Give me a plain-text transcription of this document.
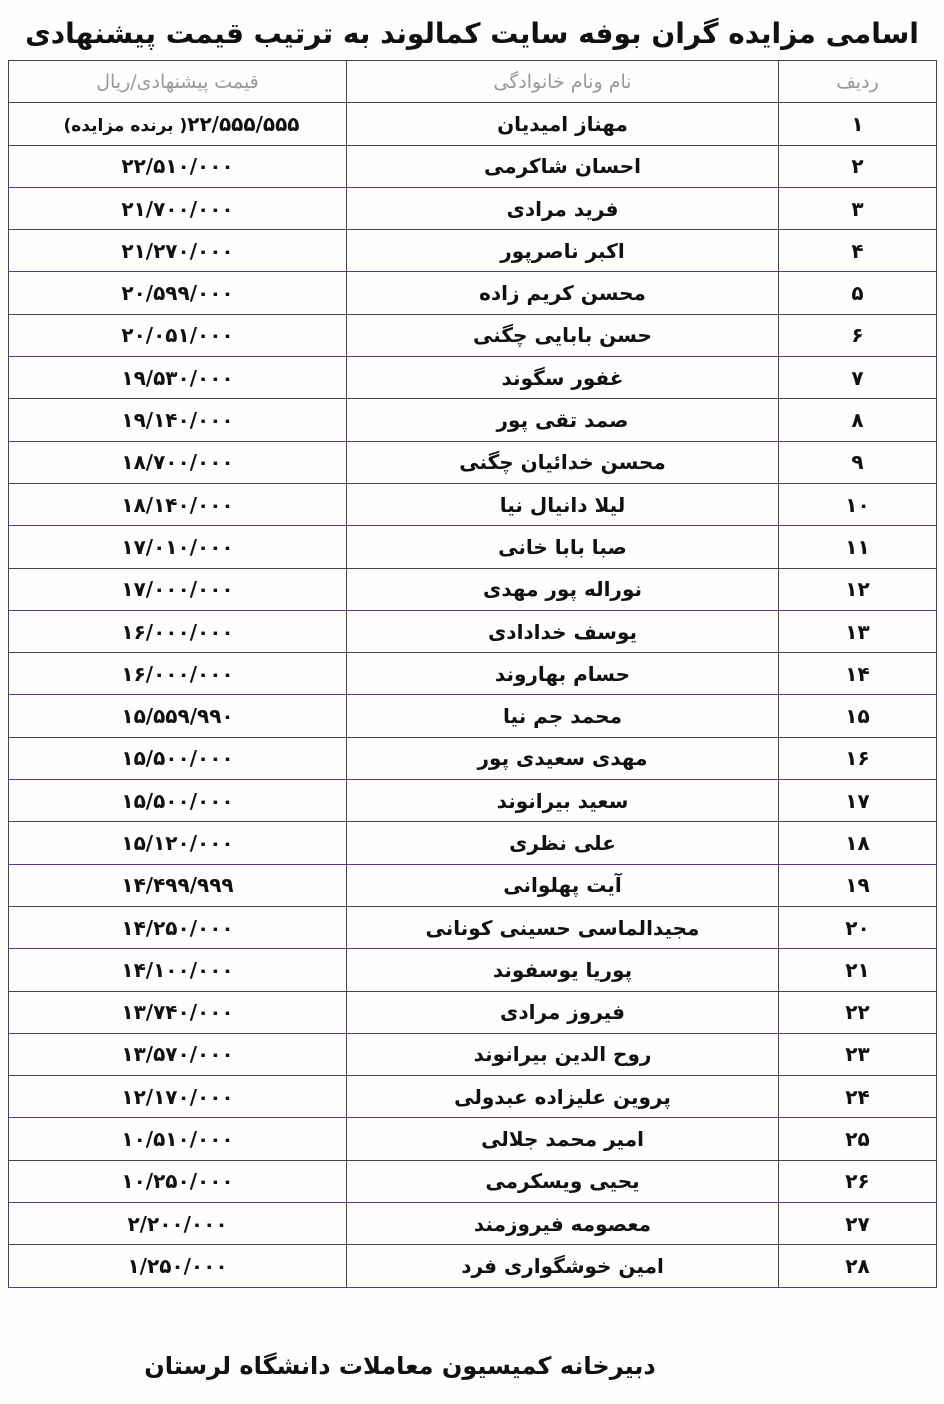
اسامی مزایده گران بوفه سایت کمالوند به ترتیب قیمت پیشنهادی
ردیف	نام ونام خانوادگی	قیمت پیشنهادی/ریال
۱	مهناز امیدیان	۲۲/۵۵۵/۵۵۵( برنده مزایده)
۲	احسان شاکرمی	۲۲/۵۱۰/۰۰۰
۳	فرید مرادی	۲۱/۷۰۰/۰۰۰
۴	اکبر ناصرپور	۲۱/۲۷۰/۰۰۰
۵	محسن کریم زاده	۲۰/۵۹۹/۰۰۰
۶	حسن بابایی چگنی	۲۰/۰۵۱/۰۰۰
۷	غفور سگوند	۱۹/۵۳۰/۰۰۰
۸	صمد تقی پور	۱۹/۱۴۰/۰۰۰
۹	محسن خدائیان چگنی	۱۸/۷۰۰/۰۰۰
۱۰	لیلا دانیال نیا	۱۸/۱۴۰/۰۰۰
۱۱	صبا بابا خانی	۱۷/۰۱۰/۰۰۰
۱۲	نوراله پور مهدی	۱۷/۰۰۰/۰۰۰
۱۳	یوسف خدادادی	۱۶/۰۰۰/۰۰۰
۱۴	حسام بهاروند	۱۶/۰۰۰/۰۰۰
۱۵	محمد جم نیا	۱۵/۵۵۹/۹۹۰
۱۶	مهدی سعیدی پور	۱۵/۵۰۰/۰۰۰
۱۷	سعید بیرانوند	۱۵/۵۰۰/۰۰۰
۱۸	علی نظری	۱۵/۱۲۰/۰۰۰
۱۹	آیت پهلوانی	۱۴/۴۹۹/۹۹۹
۲۰	مجیدالماسی حسینی کونانی	۱۴/۲۵۰/۰۰۰
۲۱	پوریا یوسفوند	۱۴/۱۰۰/۰۰۰
۲۲	فیروز مرادی	۱۳/۷۴۰/۰۰۰
۲۳	روح الدین بیرانوند	۱۳/۵۷۰/۰۰۰
۲۴	پروین علیزاده عبدولی	۱۲/۱۷۰/۰۰۰
۲۵	امیر محمد جلالی	۱۰/۵۱۰/۰۰۰
۲۶	یحیی ویسکرمی	۱۰/۲۵۰/۰۰۰
۲۷	معصومه فیروزمند	۲/۲۰۰/۰۰۰
۲۸	امین خوشگواری فرد	۱/۲۵۰/۰۰۰
دبیرخانه کمیسیون معاملات دانشگاه لرستان
